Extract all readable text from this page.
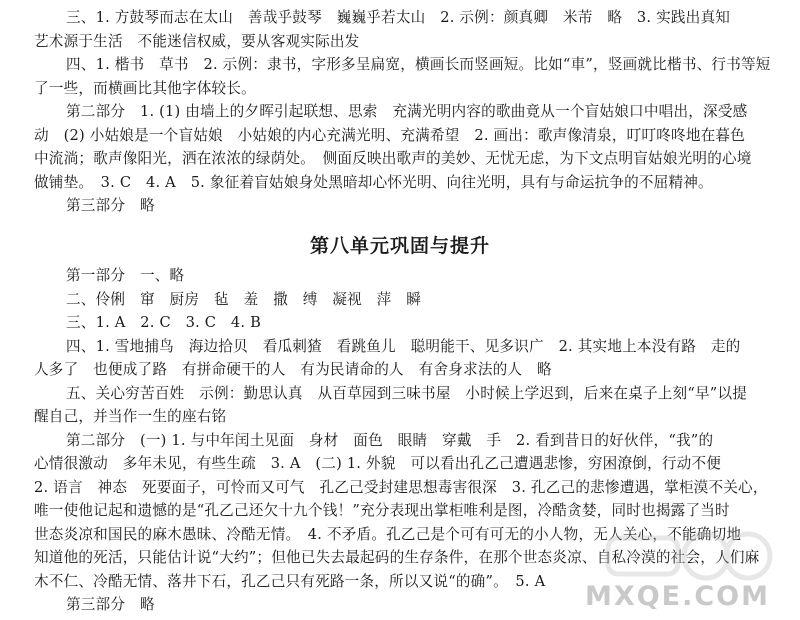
三、1. 方鼓琴而志在太山　善哉乎鼓琴　巍巍乎若太山　2. 示例：颜真卿　米芾　略　3. 实践出真知
艺术源于生活　不能迷信权威，要从客观实际出发
四、1. 楷书　草书　2. 示例：隶书，字形多呈扁宽，横画长而竖画短。比如“車”，竖画就比楷书、行书等短
了一些，而横画比其他字体较长。
第二部分　1. (1) 由墙上的夕晖引起联想、思索　充满光明内容的歌曲竟从一个盲姑娘口中唱出，深受感
动　(2) 小姑娘是一个盲姑娘　小姑娘的内心充满光明、充满希望　2. 画出：歌声像清泉，叮叮咚咚地在暮色
中流淌；歌声像阳光，洒在浓浓的绿荫处。　侧面反映出歌声的美妙、无忧无虑，为下文点明盲姑娘光明的心境
做铺垫。　3. C　4. A　5. 象征着盲姑娘身处黑暗却心怀光明、向往光明，具有与命运抗争的不屈精神。
第三部分　略
第八单元巩固与提升
第一部分　一、略
二、伶俐　窜　厨房　毡　羞　撒　缚　凝视　萍　瞬
三、1. A　2. C　3. C　4. B
四、1. 雪地捕鸟　海边拾贝　看瓜刺猹　看跳鱼儿　聪明能干、见多识广　2. 其实地上本没有路　走的
人多了　也便成了路　有拼命硬干的人　有为民请命的人　有舍身求法的人　略
五、关心穷苦百姓　示例：勤思认真　从百草园到三味书屋　小时候上学迟到，后来在桌子上刻“早”以提
醒自己，并当作一生的座右铭
第二部分　(一) 1. 与中年闰土见面　身材　面色　眼睛　穿戴　手　2. 看到昔日的好伙伴，“我”的
心情很激动　多年未见，有些生疏　3. A　(二) 1. 外貌　可以看出孔乙己遭遇悲惨，穷困潦倒，行动不便
2. 语言　神态　死要面子，可怜而又可气　孔乙己受封建思想毒害很深　3. 孔乙己的悲惨遭遇，掌柜漠不关心，
唯一使他记起和遗憾的是“孔乙己还欠十九个钱！”充分表现出掌柜唯利是图，冷酷贪婪，同时也揭露了当时
世态炎凉和国民的麻木愚昧、冷酷无情。　4. 不矛盾。孔乙己是个可有可无的小人物，无人关心，不能确切地
知道他的死活，只能估计说“大约”；但他已失去最起码的生存条件，在那个世态炎凉、自私冷漠的社会，人们麻
木不仁、冷酷无情、落井下石，孔乙己只有死路一条，所以又说“的确”。　5. A
第三部分　略	MXQE.COM
